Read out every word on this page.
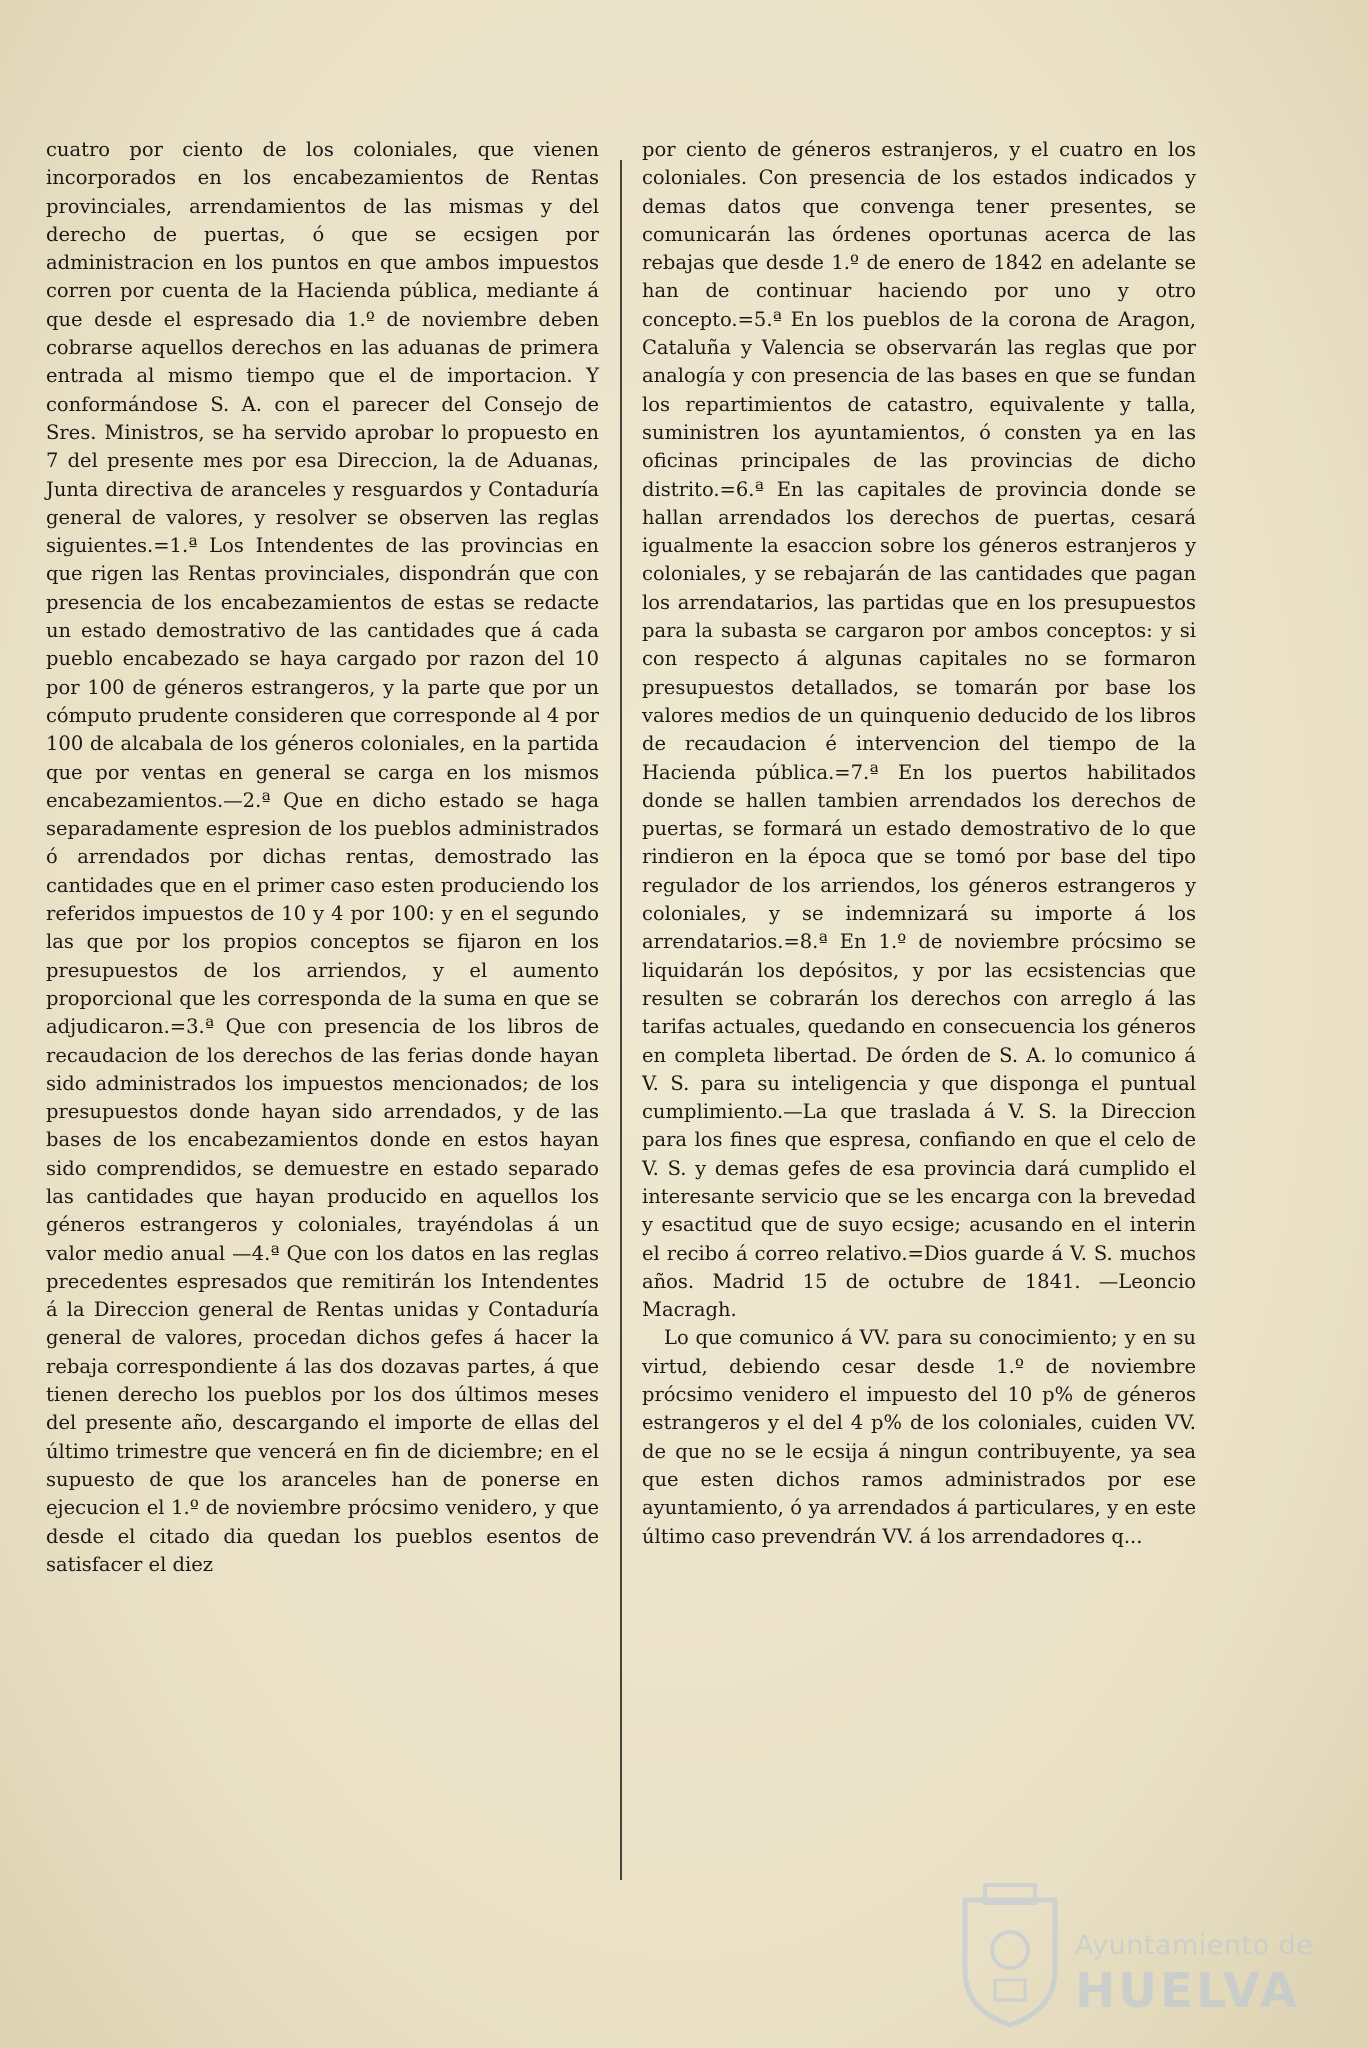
cuatro por ciento de los coloniales, que vienen incorporados en los encabezamientos de Rentas provinciales, arrendamientos de las mismas y del derecho de puertas, ó que se ecsigen por administracion en los puntos en que ambos impuestos corren por cuenta de la Hacienda pública, mediante á que desde el espresado dia 1.º de noviembre deben cobrarse aquellos derechos en las aduanas de primera entrada al mismo tiempo que el de importacion. Y conformándose S. A. con el parecer del Consejo de Sres. Ministros, se ha servido aprobar lo propuesto en 7 del presente mes por esa Direccion, la de Aduanas, Junta directiva de aranceles y resguardos y Contaduría general de valores, y resolver se observen las reglas siguientes.=1.ª Los Intendentes de las provincias en que rigen las Rentas provinciales, dispondrán que con presencia de los encabezamientos de estas se redacte un estado demostrativo de las cantidades que á cada pueblo encabezado se haya cargado por razon del 10 por 100 de géneros estrangeros, y la parte que por un cómputo prudente consideren que corresponde al 4 por 100 de alcabala de los géneros coloniales, en la partida que por ventas en general se carga en los mismos encabezamientos.—2.ª Que en dicho estado se haga separadamente espresion de los pueblos administrados ó arrendados por dichas rentas, demostrado las cantidades que en el primer caso esten produciendo los referidos impuestos de 10 y 4 por 100: y en el segundo las que por los propios conceptos se fijaron en los presupuestos de los arriendos, y el aumento proporcional que les corresponda de la suma en que se adjudicaron.=3.ª Que con presencia de los libros de recaudacion de los derechos de las ferias donde hayan sido administrados los impuestos mencionados; de los presupuestos donde hayan sido arrendados, y de las bases de los encabezamientos donde en estos hayan sido comprendidos, se demuestre en estado separado las cantidades que hayan producido en aquellos los géneros estrangeros y coloniales, trayéndolas á un valor medio anual —4.ª Que con los datos en las reglas precedentes espresados que remitirán los Intendentes á la Direccion general de Rentas unidas y Contaduría general de valores, procedan dichos gefes á hacer la rebaja correspondiente á las dos dozavas partes, á que tienen derecho los pueblos por los dos últimos meses del presente año, descargando el importe de ellas del último trimestre que vencerá en fin de diciembre; en el supuesto de que los aranceles han de ponerse en ejecucion el 1.º de noviembre prócsimo venidero, y que desde el citado dia quedan los pueblos esentos de satisfacer el diez

por ciento de géneros estranjeros, y el cuatro en los coloniales. Con presencia de los estados indicados y demas datos que convenga tener presentes, se comunicarán las órdenes oportunas acerca de las rebajas que desde 1.º de enero de 1842 en adelante se han de continuar haciendo por uno y otro concepto.=5.ª En los pueblos de la corona de Aragon, Cataluña y Valencia se observarán las reglas que por analogía y con presencia de las bases en que se fundan los repartimientos de catastro, equivalente y talla, suministren los ayuntamientos, ó consten ya en las oficinas principales de las provincias de dicho distrito.=6.ª En las capitales de provincia donde se hallan arrendados los derechos de puertas, cesará igualmente la esaccion sobre los géneros estranjeros y coloniales, y se rebajarán de las cantidades que pagan los arrendatarios, las partidas que en los presupuestos para la subasta se cargaron por ambos conceptos: y si con respecto á algunas capitales no se formaron presupuestos detallados, se tomarán por base los valores medios de un quinquenio deducido de los libros de recaudacion é intervencion del tiempo de la Hacienda pública.=7.ª En los puertos habilitados donde se hallen tambien arrendados los derechos de puertas, se formará un estado demostrativo de lo que rindieron en la época que se tomó por base del tipo regulador de los arriendos, los géneros estrangeros y coloniales, y se indemnizará su importe á los arrendatarios.=8.ª En 1.º de noviembre prócsimo se liquidarán los depósitos, y por las ecsistencias que resulten se cobrarán los derechos con arreglo á las tarifas actuales, quedando en consecuencia los géneros en completa libertad. De órden de S. A. lo comunico á V. S. para su inteligencia y que disponga el puntual cumplimiento.—La que traslada á V. S. la Direccion para los fines que espresa, confiando en que el celo de V. S. y demas gefes de esa provincia dará cumplido el interesante servicio que se les encarga con la brevedad y esactitud que de suyo ecsige; acusando en el interin el recibo á correo relativo.=Dios guarde á V. S. muchos años. Madrid 15 de octubre de 1841. —Leoncio Macragh.

Lo que comunico á VV. para su conocimiento; y en su virtud, debiendo cesar desde 1.º de noviembre prócsimo venidero el impuesto del 10 p% de géneros estrangeros y el del 4 p% de los coloniales, cuiden VV. de que no se le ecsija á ningun contribuyente, ya sea que esten dichos ramos administrados por ese ayuntamiento, ó ya arrendados á particulares, y en este último caso prevendrán VV. á los arrendadores q...

Ayuntamiento de
HUELVA
